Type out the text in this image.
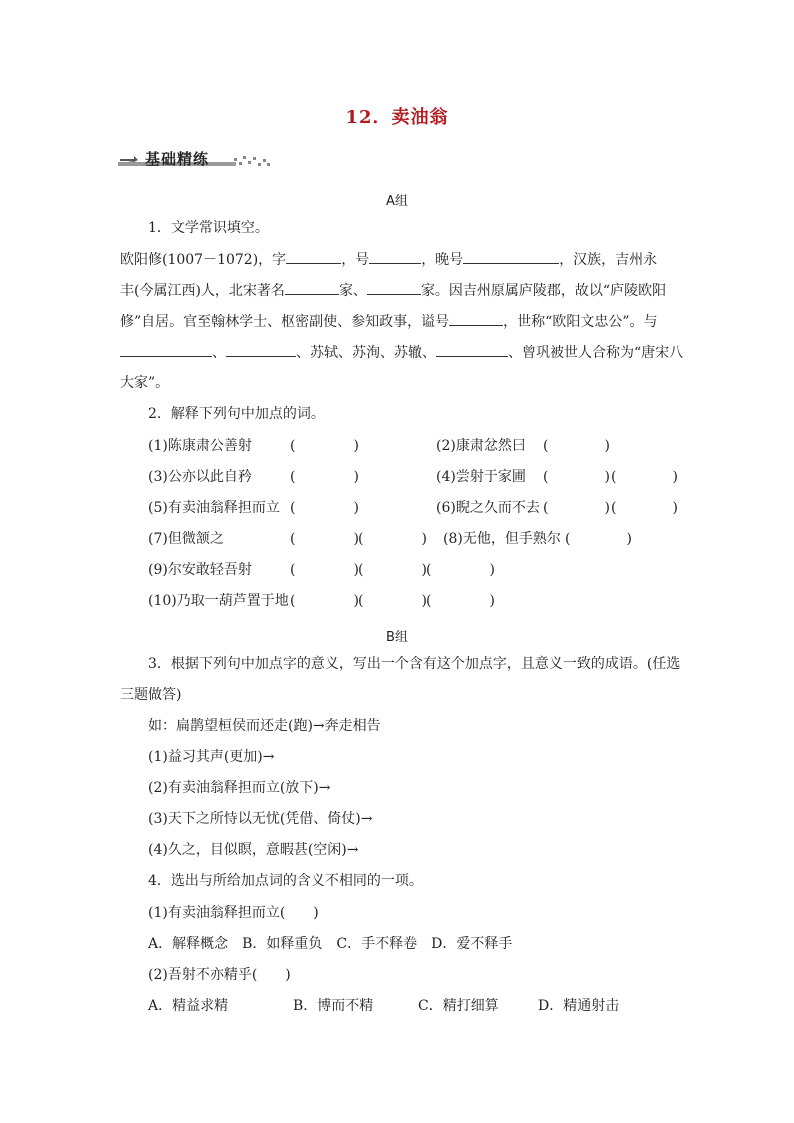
12．卖油翁
基础精练
A组
1．文学常识填空。
欧阳修(1007－1072)，字	，号	，晚号	，汉族，吉州永
丰(今属江西)人，北宋著名	家、	家。因吉州原属庐陵郡，故以“庐陵欧阳
修”自居。官至翰林学士、枢密副使、参知政事，谥号	，世称“欧阳文忠公”。与
、	、苏轼、苏洵、苏辙、	、曾巩被世人合称为“唐宋八
大家”。
2．解释下列句中加点的词。
(1)陈康肃公善射	(	)	(2)康肃忿然曰 (	)
(3)公亦以此自矜	(	)	(4)尝射于家圃 (	) (	)
(5)有卖油翁释担而立 (	)	(6)睨之久而不去 (	) (	)
(7)但微颔之	(	) (	) (8)无他，但手熟尔 (	)
(9)尔安敢轻吾射	(	) (	) (	)
(10)乃取一葫芦置于地 (	) (	) (	)
B组
3．根据下列句中加点字的意义，写出一个含有这个加点字，且意义一致的成语。(任选
三题做答)
如：扁鹊望桓侯而还走(跑)→奔走相告
(1)益习其声(更加)→
(2)有卖油翁释担而立(放下)→
(3)天下之所恃以无忧(凭借、倚仗)→
(4)久之，目似瞑，意暇甚(空闲)→
4．选出与所给加点词的含义不相同的一项。
(1)有卖油翁释担而立(　　)
A．解释概念　B．如释重负　C．手不释卷　D．爱不释手
(2)吾射不亦精乎(　　)
A．精益求精	B．博而不精	C．精打细算	D．精通射击
